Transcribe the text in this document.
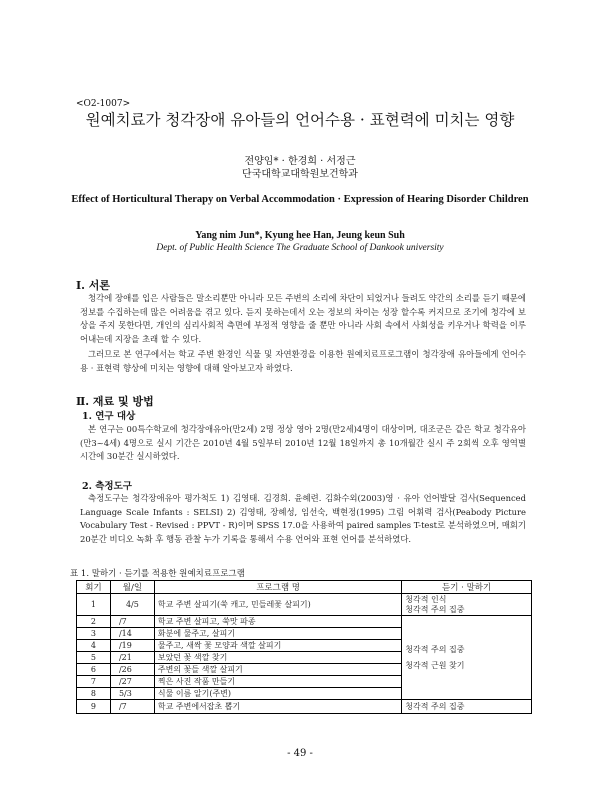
<O2-1007>
원예치료가 청각장애 유아들의 언어수용 · 표현력에 미치는 영향
전양임* · 한경희 · 서정근
단국대학교대학원보건학과
Effect of Horticultural Therapy on Verbal Accommodation · Expression of Hearing Disorder Children
Yang nim Jun*, Kyung hee Han, Jeung keun Suh
Dept. of Public Health Science The Graduate School of Dankook university
Ⅰ. 서론

청각에 장애를 입은 사람들은 말소리뿐만 아니라 모든 주변의 소리에 차단이 되었거나 들려도 약간의 소리를 듣기 때문에 정보를 수집하는데 많은 어려움을 겪고 있다. 듣지 못하는데서 오는 정보의 차이는 성장 할수록 커지므로 조기에 청각에 보상을 주지 못한다면, 개인의 심리사회적 측면에 부정적 영향을 줄 뿐만 아니라 사회 속에서 사회성을 키우거나 학력을 이루어내는데 지장을 초래 할 수 있다.

그러므로 본 연구에서는 학교 주변 환경인 식물 및 자연환경을 이용한 원예치료프로그램이 청각장애 유아들에게 언어수용 · 표현력 향상에 미치는 영향에 대해 알아보고자 하였다.

Ⅱ. 재료 및 방법
1. 연구 대상

본 연구는 00특수학교에 청각장애유아(만2세) 2명 정상 영아 2명(만2세)4명이 대상이며, 대조군은 같은 학교 청각유아(만3~4세) 4명으로 실시 기간은 2010년 4월 5일부터 2010년 12월 18일까지 총 10개월간 실시 주 2회씩 오후 영역별 시간에 30분간 실시하였다.

2. 측정도구

측정도구는 청각장애유아 평가척도 1) 김영태. 김경희. 윤혜련. 김화수외(2003)영 · 유아 언어발달 검사(Sequenced Language Scale Infants : SELSI) 2) 김영태, 장혜성, 임선숙, 백현정(1995) 그림 어휘력 검사(Peabody Picture Vocabulary Test - Revised : PPVT - R)이며 SPSS 17.0을 사용하여 paired samples T-test로 분석하였으며, 매회기 20분간 비디오 녹화 후 행동 관찰 누가 기록을 통해서 수용 언어와 표현 언어를 분석하였다.

표 1. 말하기 · 듣기를 적용한 원예치료프로그램
회기	월/일	프로그램 명	듣기 · 말하기
1	4/5	학교 주변 살피기(쑥 캐고, 민들레꽃 살피기)	청각적 인식
청각적 주의 집중

2	/7	학교 주변 살피고, 쑥맛 파종	청각적 주의 집중
청각적 근원 찾기

3	/14	화분에 물주고, 살피기	
4	/19	물주고, 새싹 꽃 모양과 색깔 살피기	
5	/21	보았던 꽃 색깔 찾기	
6	/26	주변의 꽃들 색깔 살피기	
7	/27	찍은 사진 작품 만들기	
8	5/3	식물 이름 알기(주변)	
9	/7	학교 주변에서잡초 뽑기	청각적 주의 집중
- 49 -
